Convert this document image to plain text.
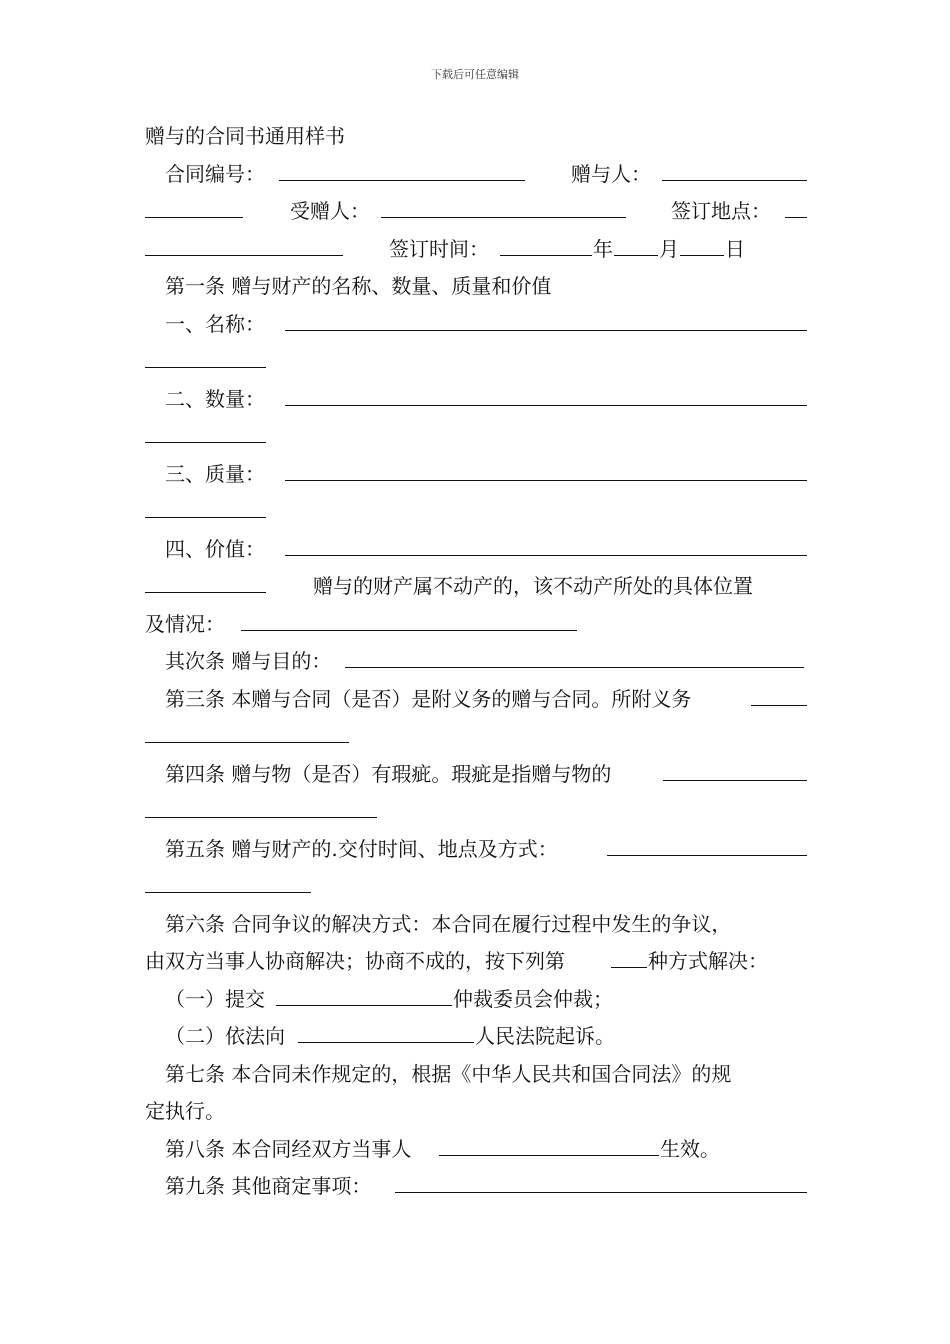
下载后可任意编辑
赠与的合同书通用样书
合同编号：	赠与人：
受赠人：	签订地点：
签订时间：	年 月 日
第一条 赠与财产的名称、数量、质量和价值
一、名称：
二、数量：
三、质量：
四、价值：
赠与的财产属不动产的，该不动产所处的具体位置
及情况：
其次条 赠与目的：
第三条 本赠与合同（是否）是附义务的赠与合同。所附义务
第四条 赠与物（是否）有瑕疵。瑕疵是指赠与物的
第五条 赠与财产的.交付时间、地点及方式：
第六条 合同争议的解决方式：本合同在履行过程中发生的争议，
由双方当事人协商解决；协商不成的，按下列第	种方式解决：
（一）提交	仲裁委员会仲裁；
（二）依法向	人民法院起诉。
第七条 本合同未作规定的，根据《中华人民共和国合同法》的规
定执行。
第八条 本合同经双方当事人	生效。
第九条 其他商定事项：
